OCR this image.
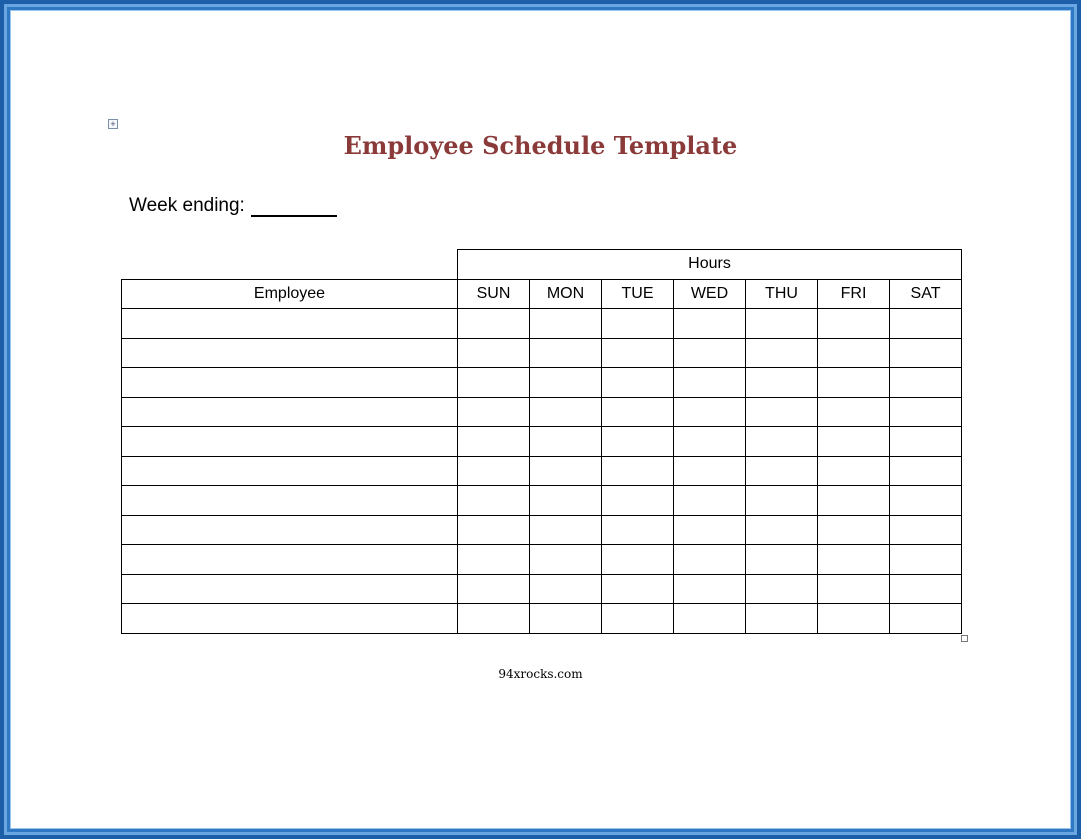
+
Employee Schedule Template
Week ending:
	Hours						
Employee	SUN	MON	TUE	WED	THU	FRI	SAT

94xrocks.com
